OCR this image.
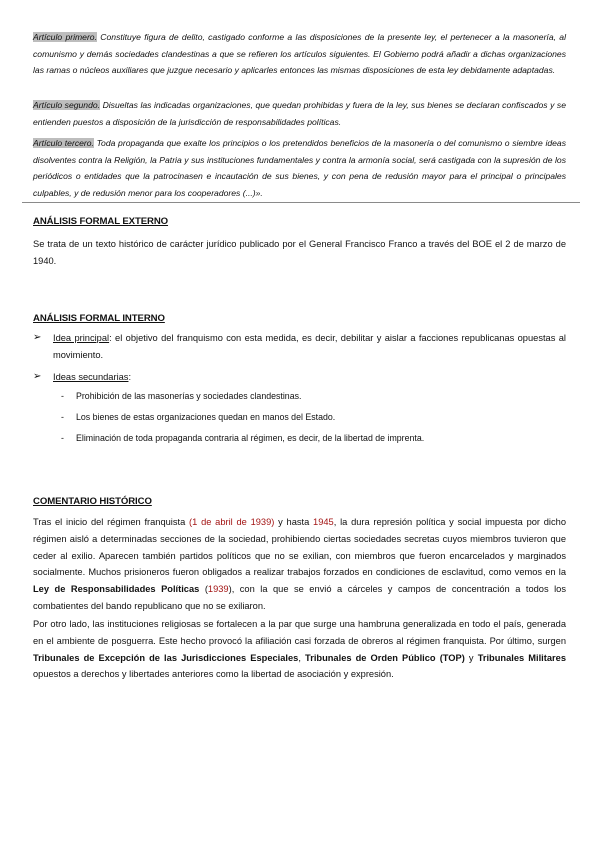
Artículo primero. Constituye figura de delito, castigado conforme a las disposiciones de la presente ley, el pertenecer a la masonería, al comunismo y demás sociedades clandestinas a que se refieren los artículos siguientes. El Gobierno podrá añadir a dichas organizaciones las ramas o núcleos auxiliares que juzgue necesario y aplicarles entonces las mismas disposiciones de esta ley debidamente adaptadas.
Artículo segundo. Disueltas las indicadas organizaciones, que quedan prohibidas y fuera de la ley, sus bienes se declaran confiscados y se entienden puestos a disposición de la jurisdicción de responsabilidades políticas.
Artículo tercero. Toda propaganda que exalte los principios o los pretendidos beneficios de la masonería o del comunismo o siembre ideas disolventes contra la Religión, la Patria y sus instituciones fundamentales y contra la armonía social, será castigada con la supresión de los periódicos o entidades que la patrocinasen e incautación de sus bienes, y con pena de redusión mayor para el principal o principales culpables, y de redusión menor para los cooperadores (...)».
ANÁLISIS FORMAL EXTERNO
Se trata de un texto histórico de carácter jurídico publicado por el General Francisco Franco a través del BOE el 2 de marzo de 1940.
ANÁLISIS FORMAL INTERNO
➢ Idea principal: el objetivo del franquismo con esta medida, es decir, debilitar y aislar a facciones republicanas opuestas al movimiento.
➢ Ideas secundarias:
- Prohibición de las masonerías y sociedades clandestinas.
- Los bienes de estas organizaciones quedan en manos del Estado.
- Eliminación de toda propaganda contraria al régimen, es decir, de la libertad de imprenta.
COMENTARIO HISTÓRICO
Tras el inicio del régimen franquista (1 de abril de 1939) y hasta 1945, la dura represión política y social impuesta por dicho régimen aisló a determinadas secciones de la sociedad, prohibiendo ciertas sociedades secretas cuyos miembros tuvieron que ceder al exilio. Aparecen también partidos políticos que no se exilian, con miembros que fueron encarcelados y marginados socialmente. Muchos prisioneros fueron obligados a realizar trabajos forzados en condiciones de esclavitud, como vemos en la Ley de Responsabilidades Políticas (1939), con la que se envió a cárceles y campos de concentración a todos los combatientes del bando republicano que no se exiliaron.
Por otro lado, las instituciones religiosas se fortalecen a la par que surge una hambruna generalizada en todo el país, generada en el ambiente de posguerra. Este hecho provocó la afiliación casi forzada de obreros al régimen franquista. Por último, surgen Tribunales de Excepción de las Jurisdicciones Especiales, Tribunales de Orden Público (TOP) y Tribunales Militares opuestos a derechos y libertades anteriores como la libertad de asociación y expresión.
